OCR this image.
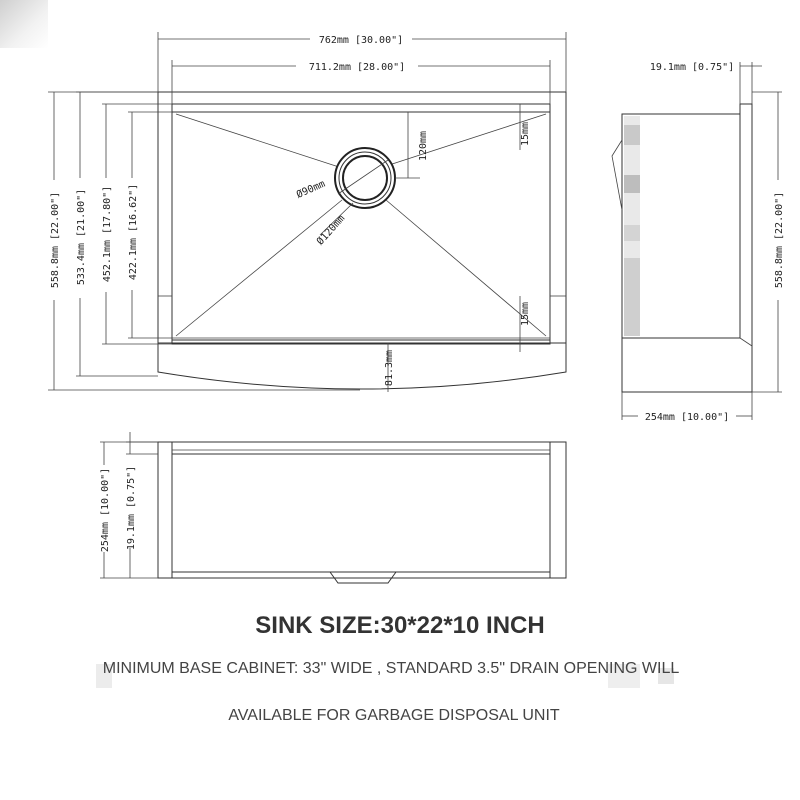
762mm [30.00"]
711.2mm [28.00"]
558.8mm [22.00"] 533.4mm [21.00"] 452.1mm [17.80"] 422.1mm [16.62"]	Ø90mm
Ø120mm
120mm	15mm
15mm
81.3mm
19.1mm [0.75"]
558.8mm [22.00"]
254mm [10.00"]
254mm [10.00"] 19.1mm [0.75"]
SINK SIZE:30*22*10 INCH
MINIMUM BASE CABINET: 33" WIDE , STANDARD 3.5" DRAIN OPENING WILL
AVAILABLE FOR GARBAGE DISPOSAL UNIT
